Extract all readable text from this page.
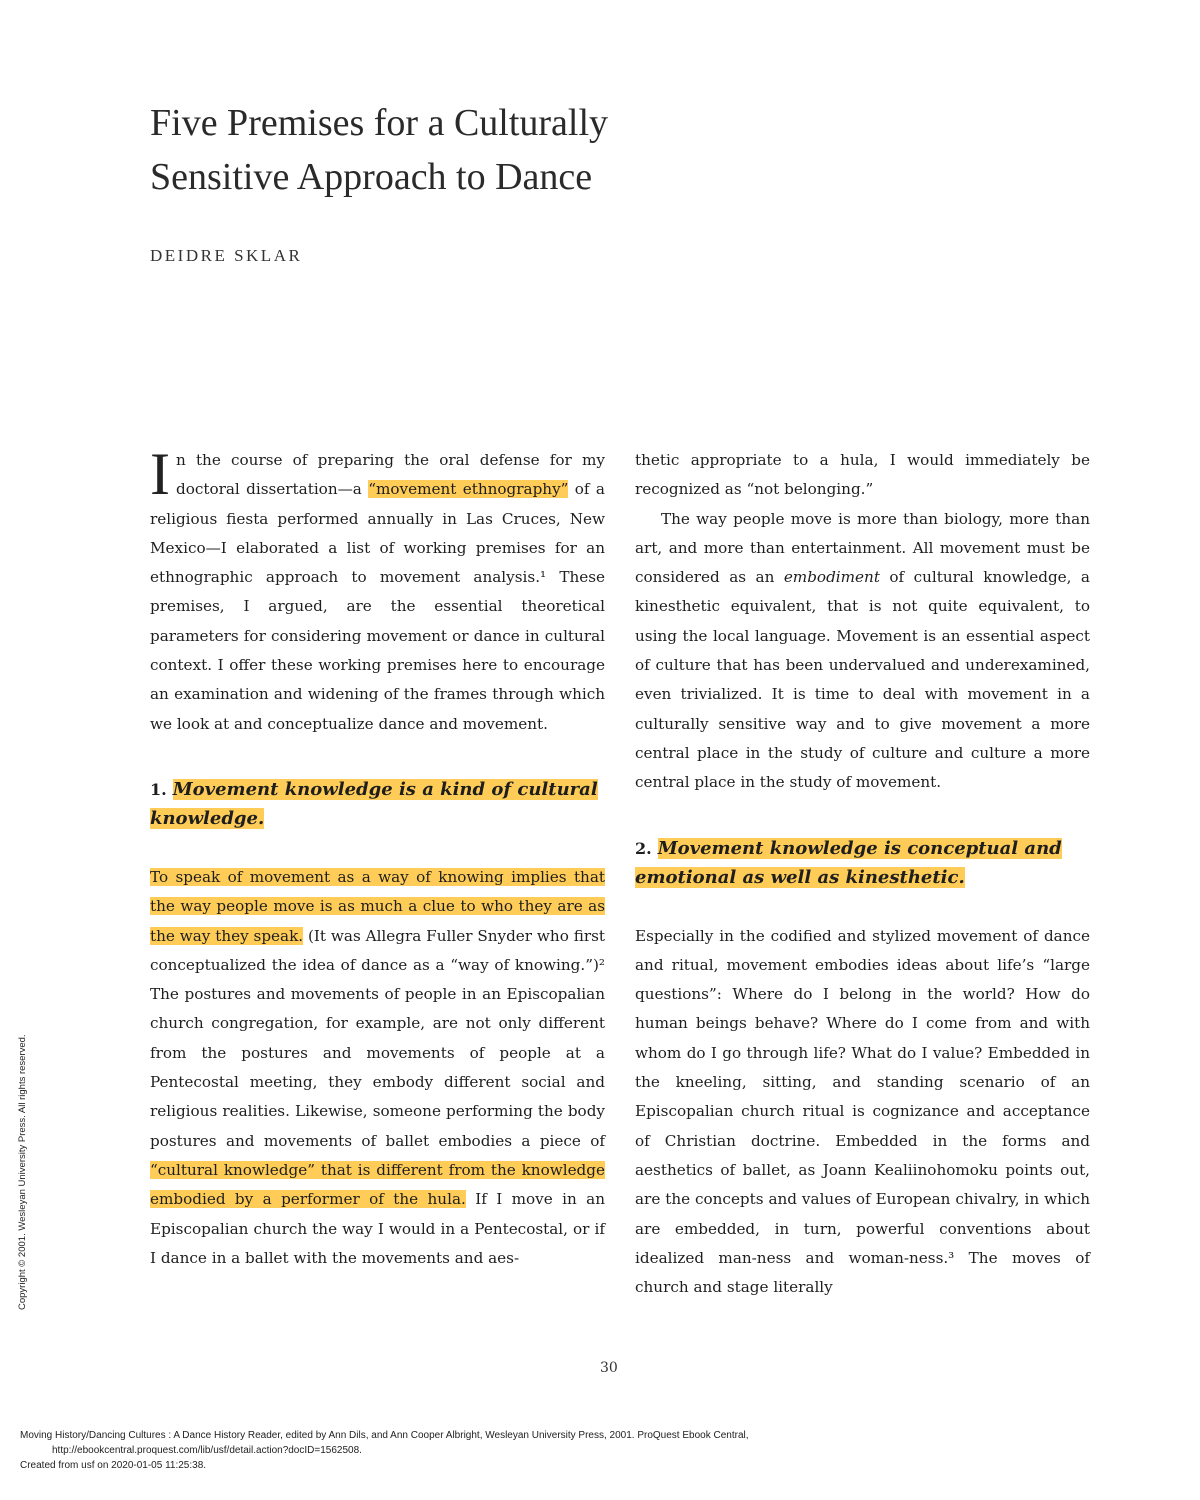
Five Premises for a Culturally
Sensitive Approach to Dance
DEIDRE SKLAR

In the course of preparing the oral defense for my doctoral dissertation—a “movement ethnography” of a religious fiesta performed annually in Las Cruces, New Mexico—I elaborated a list of working premises for an ethnographic approach to movement analysis.¹ These premises, I argued, are the essential theoretical parameters for considering movement or dance in cultural context. I offer these working premises here to encourage an examination and widening of the frames through which we look at and conceptualize dance and movement.

1. Movement knowledge is a kind of cultural knowledge.

To speak of movement as a way of knowing implies that the way people move is as much a clue to who they are as the way they speak. (It was Allegra Fuller Snyder who first conceptualized the idea of dance as a “way of knowing.”)² The postures and movements of people in an Episcopalian church congregation, for example, are not only different from the postures and movements of people at a Pentecostal meeting, they embody different social and religious realities. Likewise, someone performing the body postures and movements of ballet embodies a piece of “cultural knowledge” that is different from the knowledge embodied by a performer of the hula. If I move in an Episcopalian church the way I would in a Pentecostal, or if I dance in a ballet with the movements and aes-

thetic appropriate to a hula, I would immediately be recognized as “not belonging.”

The way people move is more than biology, more than art, and more than entertainment. All movement must be considered as an embodiment of cultural knowledge, a kinesthetic equivalent, that is not quite equivalent, to using the local language. Movement is an essential aspect of culture that has been undervalued and underexamined, even trivialized. It is time to deal with movement in a culturally sensitive way and to give movement a more central place in the study of culture and culture a more central place in the study of movement.

2. Movement knowledge is conceptual and emotional as well as kinesthetic.

Especially in the codified and stylized movement of dance and ritual, movement embodies ideas about life’s “large questions”: Where do I belong in the world? How do human beings behave? Where do I come from and with whom do I go through life? What do I value? Embedded in the kneeling, sitting, and standing scenario of an Episcopalian church ritual is cognizance and acceptance of Christian doctrine. Embedded in the forms and aesthetics of ballet, as Joann Kealiinohomoku points out, are the concepts and values of European chivalry, in which are embedded, in turn, powerful conventions about idealized man-ness and woman-ness.³ The moves of church and stage literally

30
Copyright © 2001. Wesleyan University Press. All rights reserved.
Moving History/Dancing Cultures : A Dance History Reader, edited by Ann Dils, and Ann Cooper Albright, Wesleyan University Press, 2001. ProQuest Ebook Central,
http://ebookcentral.proquest.com/lib/usf/detail.action?docID=1562508.
Created from usf on 2020-01-05 11:25:38.
